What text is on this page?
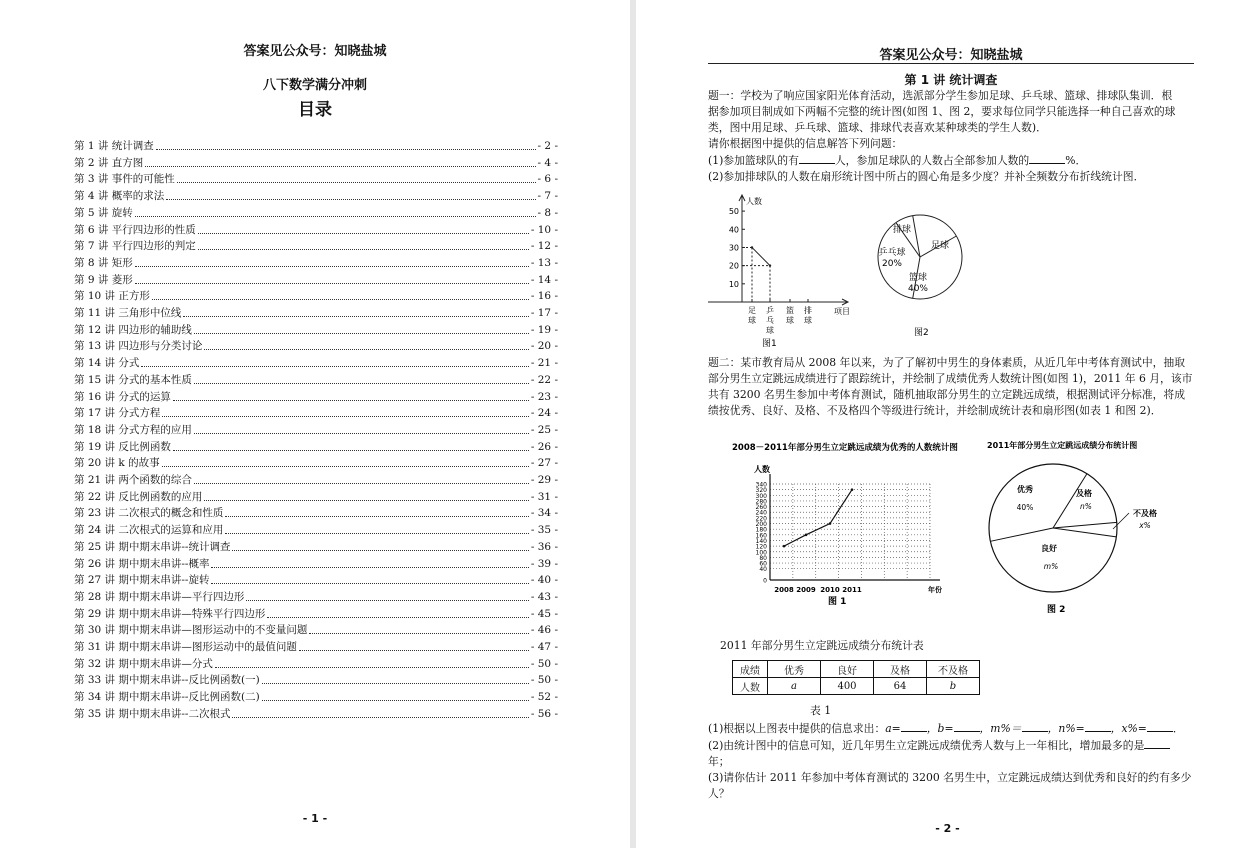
答案见公众号：知晓盐城
八下数学满分冲刺
目录
第 1 讲 统计调查	- 2 -
第 2 讲 直方图	- 4 -
第 3 讲 事件的可能性	- 6 -
第 4 讲 概率的求法	- 7 -
第 5 讲 旋转	- 8 -
第 6 讲 平行四边形的性质	- 10 -
第 7 讲 平行四边形的判定	- 12 -
第 8 讲 矩形	- 13 -
第 9 讲 菱形	- 14 -
第 10 讲 正方形	- 16 -
第 11 讲 三角形中位线	- 17 -
第 12 讲 四边形的辅助线	- 19 -
第 13 讲 四边形与分类讨论	- 20 -
第 14 讲 分式	- 21 -
第 15 讲 分式的基本性质	- 22 -
第 16 讲 分式的运算	- 23 -
第 17 讲 分式方程	- 24 -
第 18 讲 分式方程的应用	- 25 -
第 19 讲 反比例函数	- 26 -
第 20 讲 k 的故事	- 27 -
第 21 讲 两个函数的综合	- 29 -
第 22 讲 反比例函数的应用	- 31 -
第 23 讲 二次根式的概念和性质	- 34 -
第 24 讲 二次根式的运算和应用	- 35 -
第 25 讲 期中期末串讲--统计调查	- 36 -
第 26 讲 期中期末串讲--概率	- 39 -
第 27 讲 期中期末串讲--旋转	- 40 -
第 28 讲 期中期末串讲—平行四边形	- 43 -
第 29 讲 期中期末串讲—特殊平行四边形	- 45 -
第 30 讲 期中期末串讲—图形运动中的不变量问题	- 46 -
第 31 讲 期中期末串讲—图形运动中的最值问题	- 47 -
第 32 讲 期中期末串讲—分式	- 50 -
第 33 讲 期中期末串讲--反比例函数(一)	- 50 -
第 34 讲 期中期末串讲--反比例函数(二)	- 52 -
第 35 讲 期中期末串讲--二次根式	- 56 -
- 1 -
答案见公众号：知晓盐城
第 1 讲 统计调查
题一：学校为了响应国家阳光体育活动，选派部分学生参加足球、乒乓球、篮球、排球队集训．根
据参加项目制成如下两幅不完整的统计图(如图 1、图 2，要求每位同学只能选择一种自己喜欢的球
类，图中用足球、乒乓球、篮球、排球代表喜欢某种球类的学生人数)．
请你根据图中提供的信息解答下列问题：
(1)参加篮球队的有	人，参加足球队的人数占全部参加人数的	%．
(2)参加排球队的人数在扇形统计图中所占的圆心角是多少度？并补全频数分布折线统计图．
人数
项目
10
20
30
40
50
足
球
乒
乓
球
篮
球
排
球
图1
排球
足球
篮球
40%
乒乓球
20%
图2
题二：某市教育局从 2008 年以来，为了了解初中男生的身体素质，从近几年中考体育测试中，抽取
部分男生立定跳远成绩进行了跟踪统计，并绘制了成绩优秀人数统计图(如图 1)，2011 年 6 月，该市
共有 3200 名男生参加中考体育测试，随机抽取部分男生的立定跳远成绩，根据测试评分标准，将成
绩按优秀、良好、及格、不及格四个等级进行统计，并绘制成统计表和扇形图(如表 1 和图 2)．
2008－2011年部分男生立定跳远成绩为优秀的人数统计图
0
40
60
80
100
120
140
160
180
200
220
240
260
280
300
320
340
人数
年份
2008 2009 2010 2011
图 1
2011年部分男生立定跳远成绩分布统计图
优秀
40%
及格
n%
不及格
x%
良好
m%
图 2
2011 年部分男生立定跳远成绩分布统计表
成绩	优秀	良好	及格	不及格
人数	a	400	64	b
表 1
(1)根据以上图表中提供的信息求出：a= ，b= ，m%＝ ，n%= ，x%= ．
(2)由统计图中的信息可知，近几年男生立定跳远成绩优秀人数与上一年相比，增加最多的是
年；
(3)请你估计 2011 年参加中考体育测试的 3200 名男生中，立定跳远成绩达到优秀和良好的约有多少
人？
- 2 -
